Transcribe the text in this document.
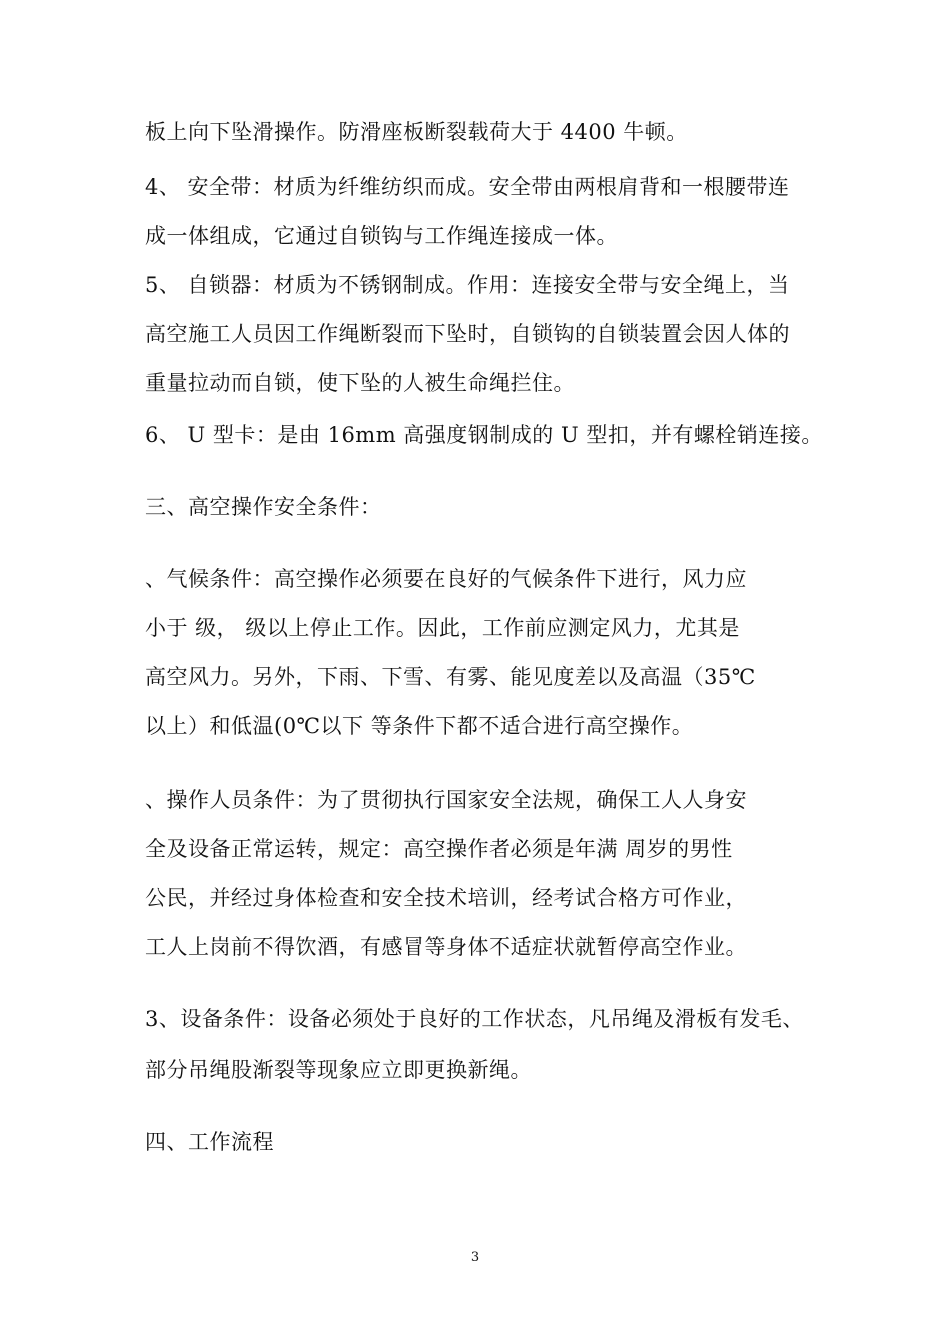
板上向下坠滑操作。防滑座板断裂载荷大于 4400 牛顿。
4、 安全带：材质为纤维纺织而成。安全带由两根肩背和一根腰带连
成一体组成，它通过自锁钩与工作绳连接成一体。
5、 自锁器：材质为不锈钢制成。作用：连接安全带与安全绳上，当
高空施工人员因工作绳断裂而下坠时，自锁钩的自锁装置会因人体的
重量拉动而自锁，使下坠的人被生命绳拦住。
6、 U 型卡：是由 16mm 高强度钢制成的 U 型扣，并有螺栓销连接。
三、高空操作安全条件：
、气候条件：高空操作必须要在良好的气候条件下进行，风力应
小于 级， 级以上停止工作。因此，工作前应测定风力，尤其是
高空风力。另外，下雨、下雪、有雾、能见度差以及高温（35℃
以上）和低温(0℃以下 等条件下都不适合进行高空操作。
、操作人员条件：为了贯彻执行国家安全法规，确保工人人身安
全及设备正常运转，规定：高空操作者必须是年满 周岁的男性
公民，并经过身体检查和安全技术培训，经考试合格方可作业，
工人上岗前不得饮酒，有感冒等身体不适症状就暂停高空作业。
3、设备条件：设备必须处于良好的工作状态，凡吊绳及滑板有发毛、
部分吊绳股渐裂等现象应立即更换新绳。
四、工作流程
3
